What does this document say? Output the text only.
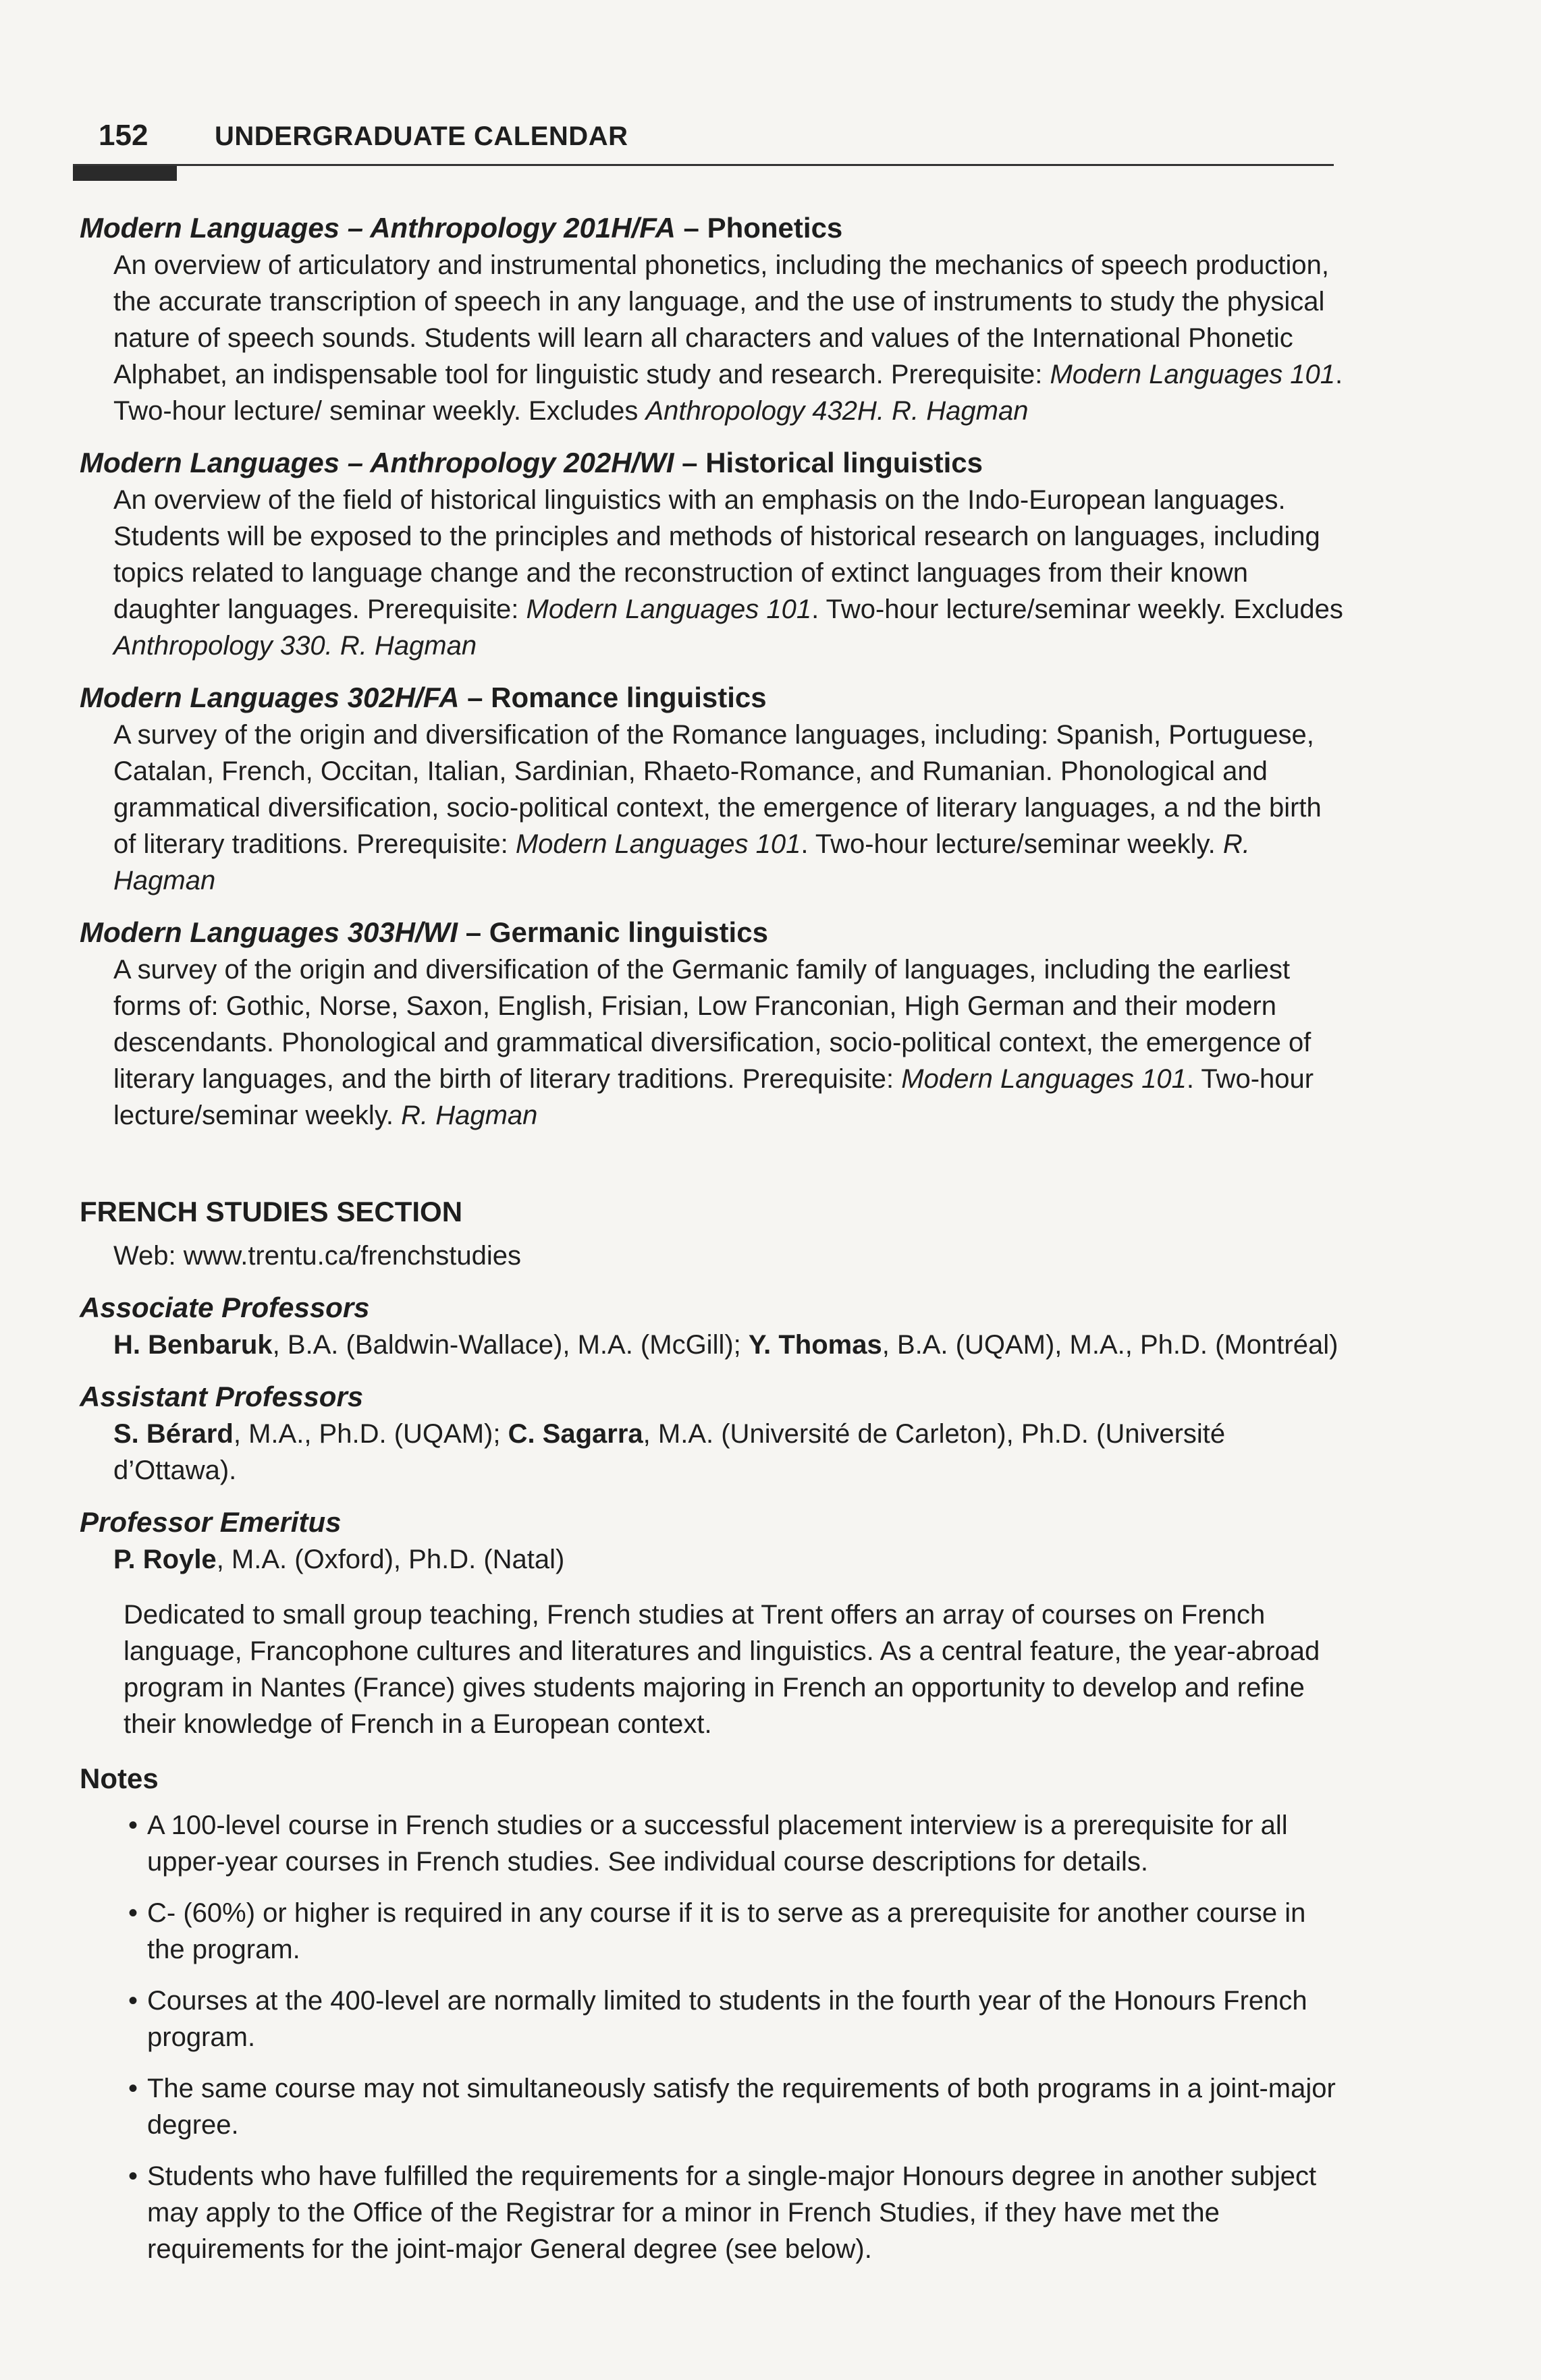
152 UNDERGRADUATE CALENDAR
Modern Languages – Anthropology 201H/FA – Phonetics
An overview of articulatory and instrumental phonetics, including the mechanics of speech production, the accurate transcription of speech in any language, and the use of instruments to study the physical nature of speech sounds. Students will learn all characters and values of the International Phonetic Alphabet, an indispensable tool for linguistic study and research. Prerequisite: Modern Languages 101. Two-hour lecture/ seminar weekly. Excludes Anthropology 432H. R. Hagman
Modern Languages – Anthropology 202H/WI – Historical linguistics
An overview of the field of historical linguistics with an emphasis on the Indo-European languages. Students will be exposed to the principles and methods of historical research on languages, including topics related to language change and the reconstruction of extinct languages from their known daughter languages. Prerequisite: Modern Languages 101. Two-hour lecture/seminar weekly. Excludes Anthropology 330. R. Hagman
Modern Languages 302H/FA – Romance linguistics
A survey of the origin and diversification of the Romance languages, including: Spanish, Portuguese, Catalan, French, Occitan, Italian, Sardinian, Rhaeto-Romance, and Rumanian. Phonological and grammatical diversification, socio-political context, the emergence of literary languages, a nd the birth of literary traditions. Prerequisite: Modern Languages 101. Two-hour lecture/seminar weekly. R. Hagman
Modern Languages 303H/WI – Germanic linguistics
A survey of the origin and diversification of the Germanic family of languages, including the earliest forms of: Gothic, Norse, Saxon, English, Frisian, Low Franconian, High German and their modern descendants. Phonological and grammatical diversification, socio-political context, the emergence of literary languages, and the birth of literary traditions. Prerequisite: Modern Languages 101. Two-hour lecture/seminar weekly. R. Hagman
FRENCH STUDIES SECTION
Web: www.trentu.ca/frenchstudies
Associate Professors
H. Benbaruk, B.A. (Baldwin-Wallace), M.A. (McGill); Y. Thomas, B.A. (UQAM), M.A., Ph.D. (Montréal)
Assistant Professors
S. Bérard, M.A., Ph.D. (UQAM); C. Sagarra, M.A. (Université de Carleton), Ph.D. (Université d’Ottawa).
Professor Emeritus
P. Royle, M.A. (Oxford), Ph.D. (Natal)
Dedicated to small group teaching, French studies at Trent offers an array of courses on French language, Francophone cultures and literatures and linguistics. As a central feature, the year-abroad program in Nantes (France) gives students majoring in French an opportunity to develop and refine their knowledge of French in a European context.
Notes
• A 100-level course in French studies or a successful placement interview is a prerequisite for all upper-year courses in French studies. See individual course descriptions for details.
• C- (60%) or higher is required in any course if it is to serve as a prerequisite for another course in the program.
• Courses at the 400-level are normally limited to students in the fourth year of the Honours French program.
• The same course may not simultaneously satisfy the requirements of both programs in a joint-major degree.
• Students who have fulfilled the requirements for a single-major Honours degree in another subject may apply to the Office of the Registrar for a minor in French Studies, if they have met the requirements for the joint-major General degree (see below).
